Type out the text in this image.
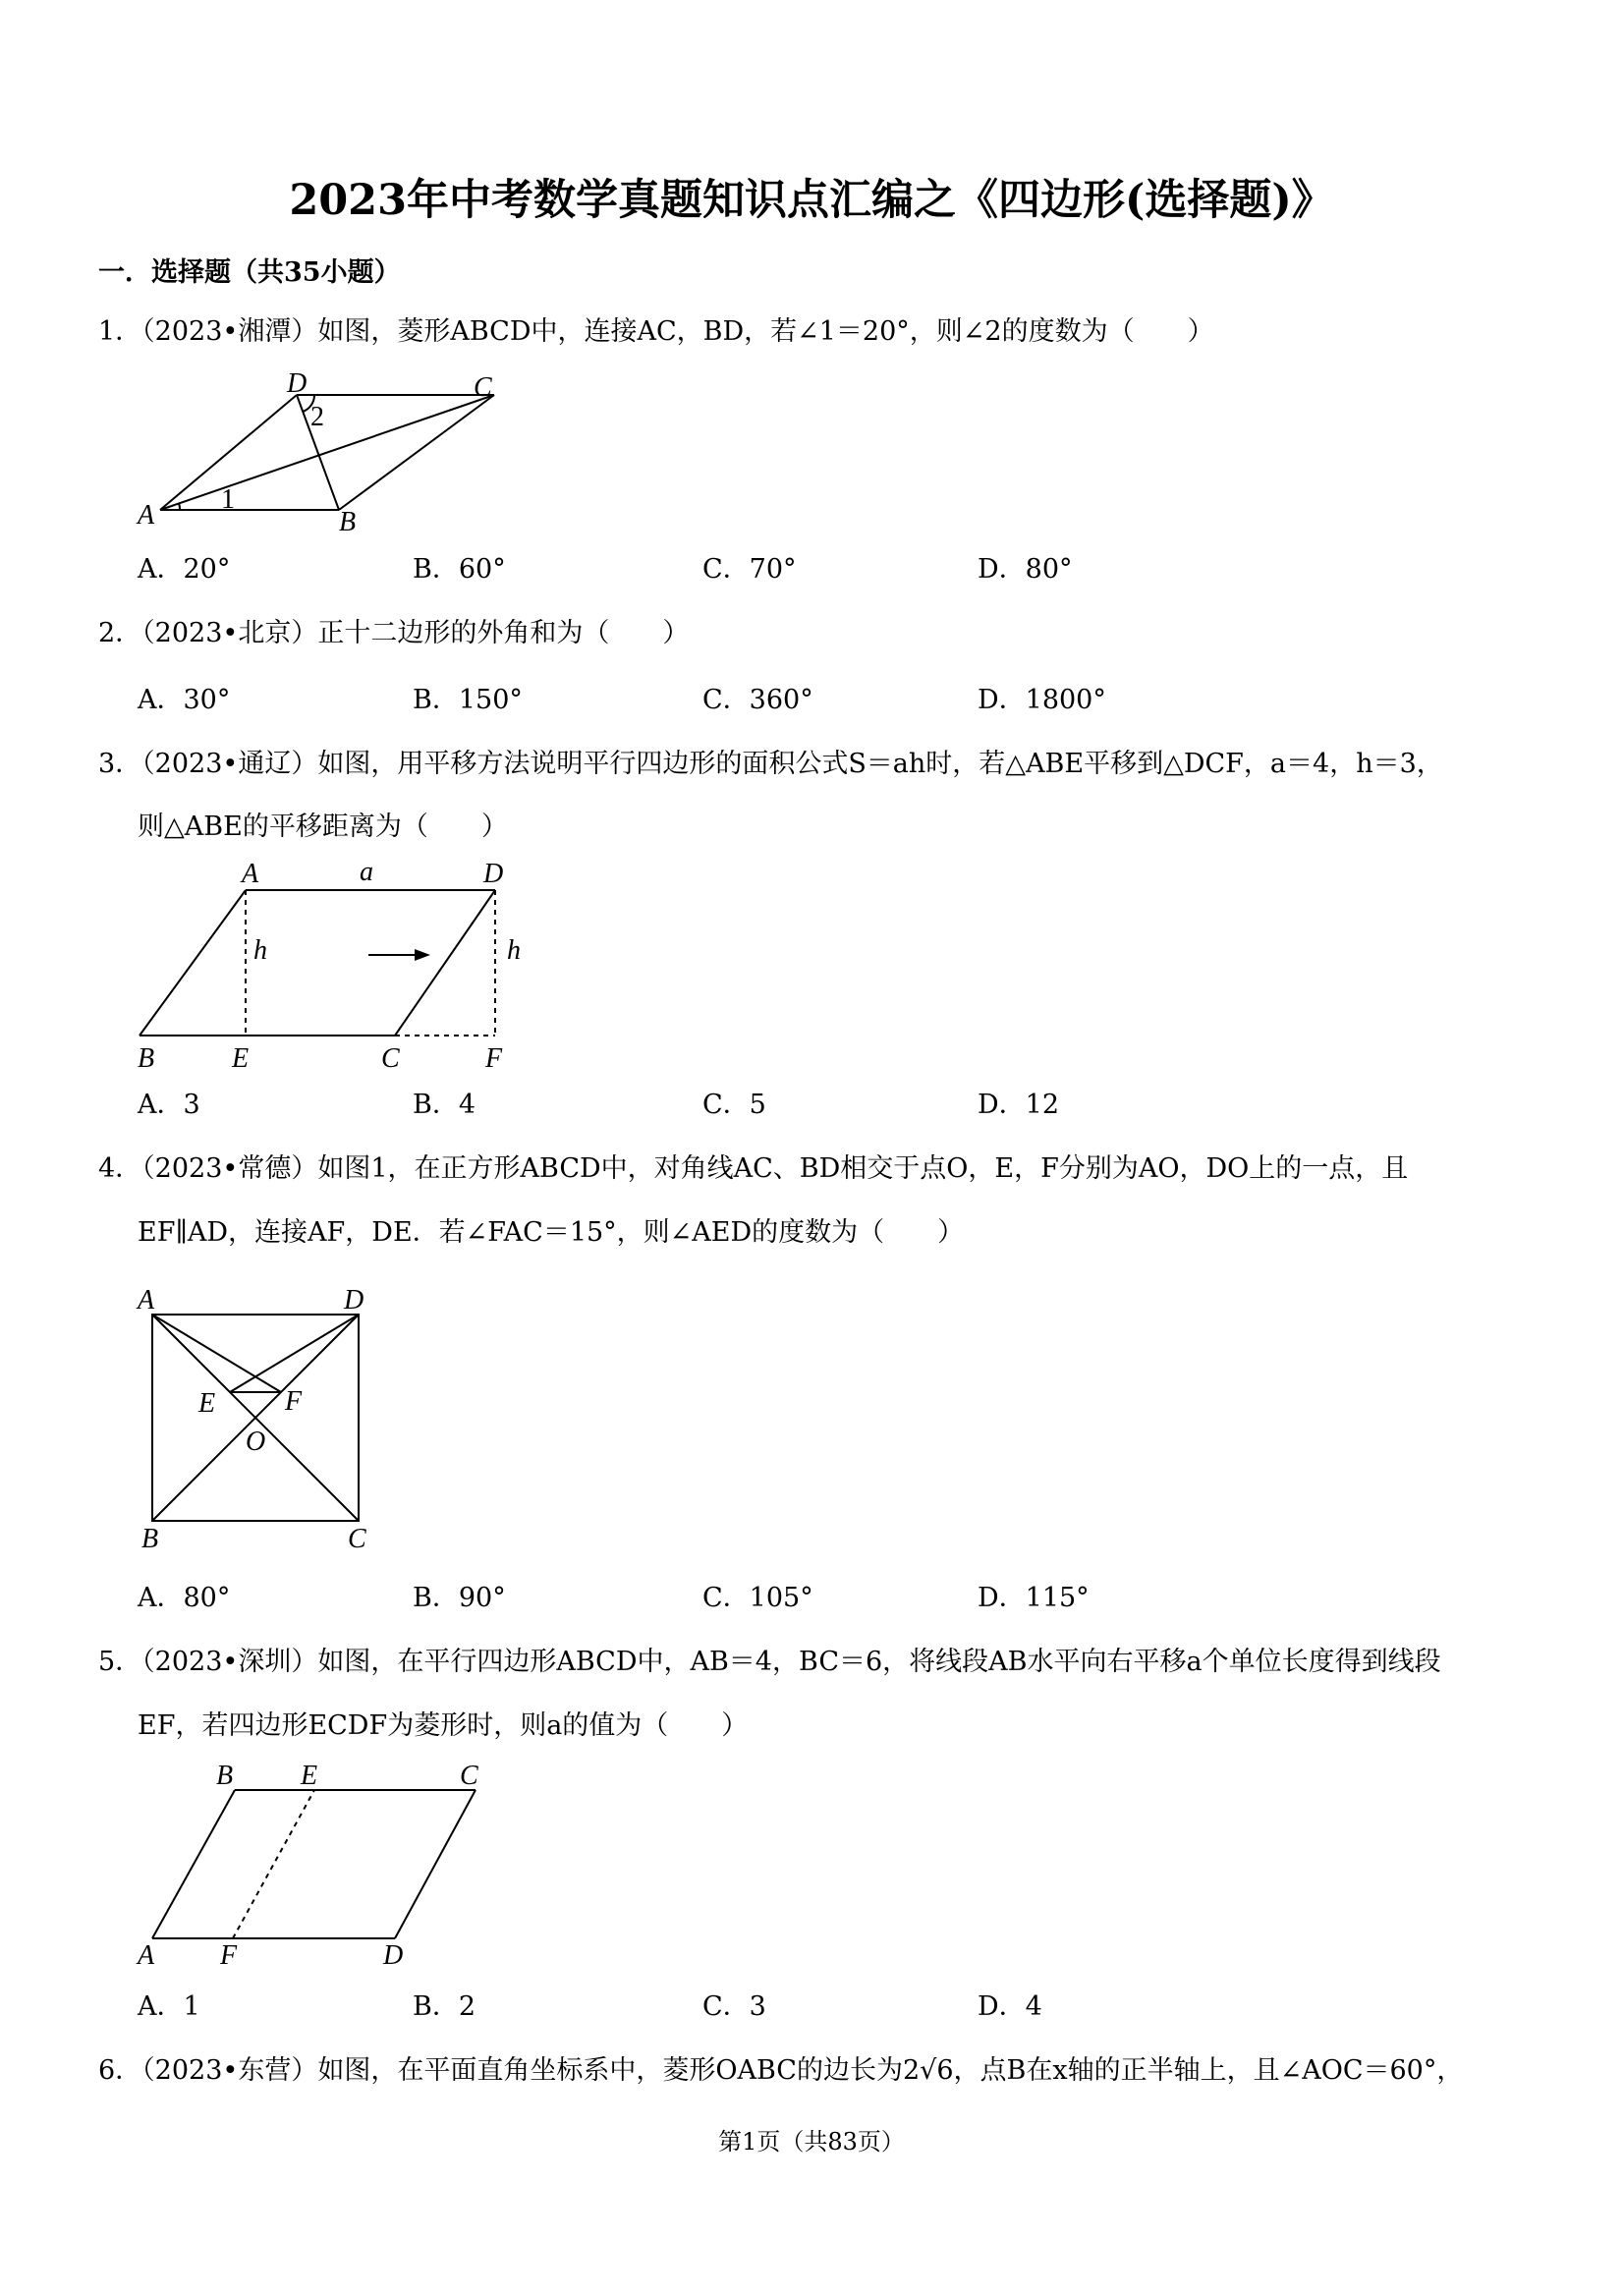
2023年中考数学真题知识点汇编之《四边形(选择题)》
一．选择题（共35小题）
1．（2023•湘潭）如图，菱形ABCD中，连接AC，BD，若∠1＝20°，则∠2的度数为（　　）
D	C
A	B
1
2
A．20°	B．60°	C．70°	D．80°
2．（2023•北京）正十二边形的外角和为（　　）
A．30°	B．150°	C．360°	D．1800°
3．（2023•通辽）如图，用平移方法说明平行四边形的面积公式S＝ah时，若△ABE平移到△DCF，a＝4，h＝3，
则△ABE的平移距离为（　　）
A	a	D
h	h
B	E	C	F
A．3	B．4	C．5	D．12
4．（2023•常德）如图1，在正方形ABCD中，对角线AC、BD相交于点O，E，F分别为AO，DO上的一点，且
EF∥AD，连接AF，DE．若∠FAC＝15°，则∠AED的度数为（　　）
A	D
E	F
O
B	C
A．80°	B．90°	C．105°	D．115°
5．（2023•深圳）如图，在平行四边形ABCD中，AB＝4，BC＝6，将线段AB水平向右平移a个单位长度得到线段
EF，若四边形ECDF为菱形时，则a的值为（　　）
B E	C
A F	D
A．1	B．2	C．3	D．4
6．（2023•东营）如图，在平面直角坐标系中，菱形OABC的边长为2√6，点B在x轴的正半轴上，且∠AOC＝60°，
第1页（共83页）
